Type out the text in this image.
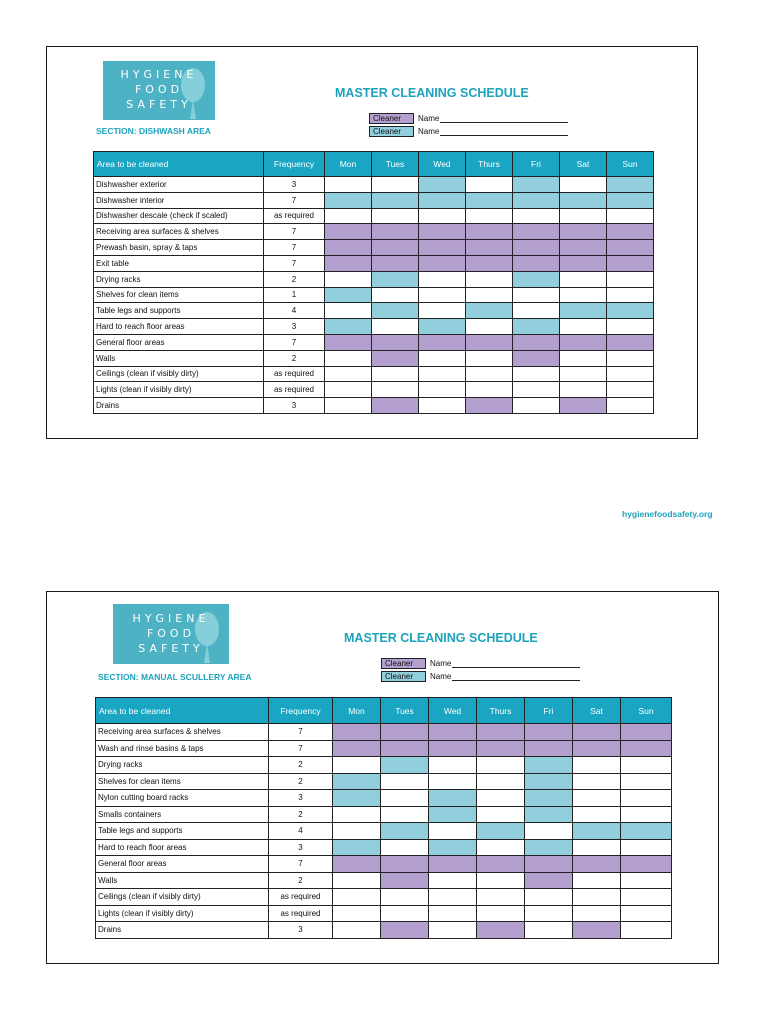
HYGIENE
FOOD
SAFETY
MASTER CLEANING SCHEDULE
SECTION: DISHWASH AREA
Cleaner	Name
Cleaner	Name
Area to be cleaned	Frequency	Mon	Tues	Wed	Thurs	Fri	Sat	Sun
Dishwasher exterior	3							
Dishwasher interior	7							
Dishwasher descale (check if scaled)	as required							
Receiving area surfaces & shelves	7							
Prewash basin, spray & taps	7							
Exit table	7							
Drying racks	2							
Shelves for clean items	1							
Table legs and supports	4							
Hard to reach floor areas	3							
General floor areas	7							
Walls	2							
Ceilings (clean if visibly dirty)	as required							
Lights (clean if visibly dirty)	as required							
Drains	3							
hygienefoodsafety.org
HYGIENE
FOOD
SAFETY
MASTER CLEANING SCHEDULE
SECTION: MANUAL SCULLERY AREA
Cleaner	Name
Cleaner	Name
Area to be cleaned	Frequency	Mon	Tues	Wed	Thurs	Fri	Sat	Sun
Receiving area surfaces & shelves	7							
Wash and rinse basins & taps	7							
Drying racks	2							
Shelves for clean items	2							
Nylon cutting board racks	3							
Smalls containers	2							
Table legs and supports	4							
Hard to reach floor areas	3							
General floor areas	7							
Walls	2							
Ceilings (clean if visibly dirty)	as required							
Lights (clean if visibly dirty)	as required							
Drains	3							
